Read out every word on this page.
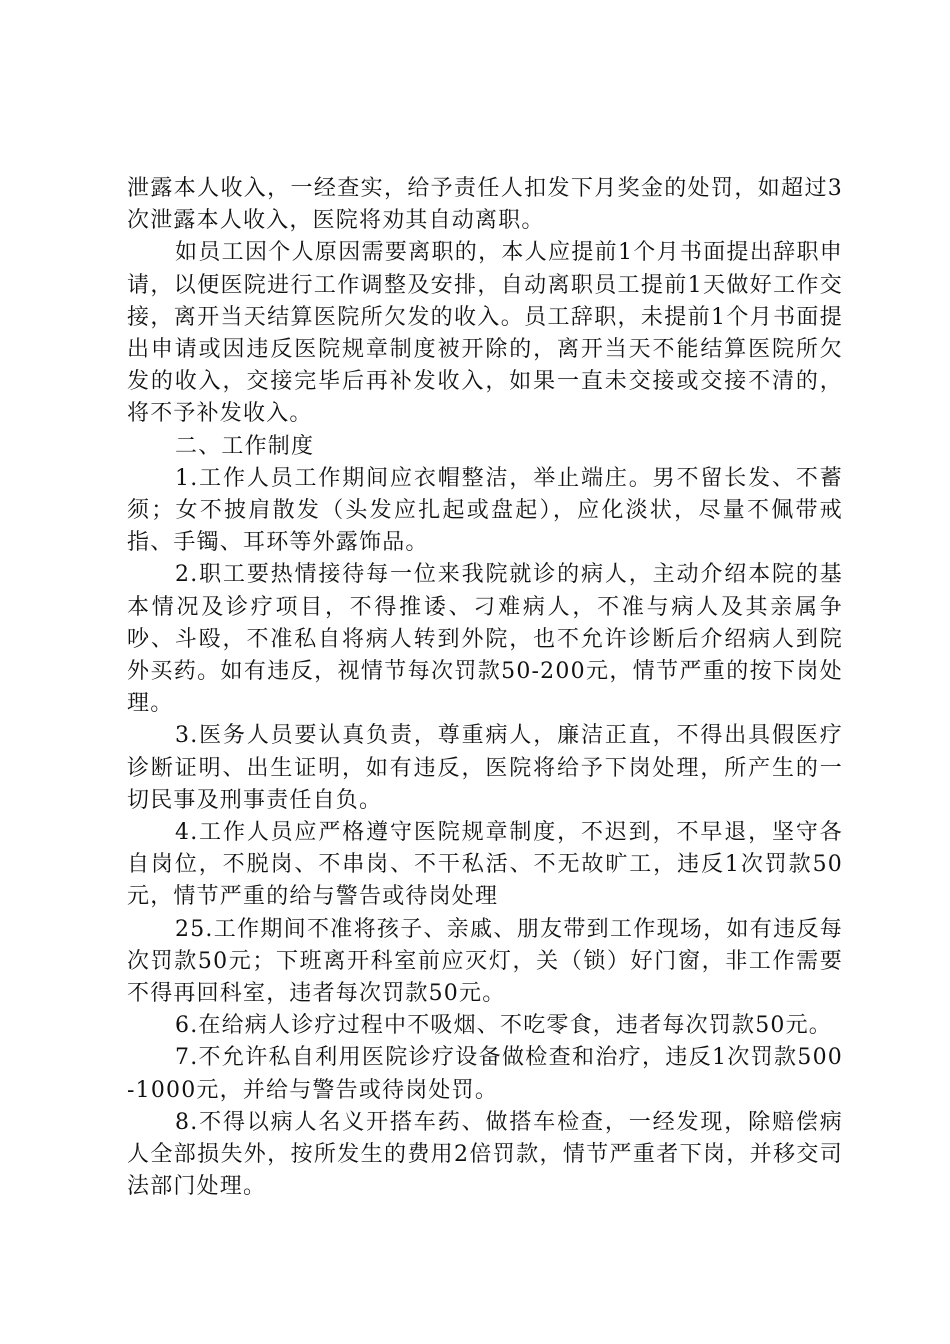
泄露本人收入，一经查实，给予责任人扣发下月奖金的处罚，如超过3次泄露本人收入，医院将劝其自动离职。

如员工因个人原因需要离职的，本人应提前1个月书面提出辞职申请，以便医院进行工作调整及安排，自动离职员工提前1天做好工作交接，离开当天结算医院所欠发的收入。员工辞职，未提前1个月书面提出申请或因违反医院规章制度被开除的，离开当天不能结算医院所欠发的收入，交接完毕后再补发收入，如果一直未交接或交接不清的，将不予补发收入。

二、工作制度

1.工作人员工作期间应衣帽整洁，举止端庄。男不留长发、不蓄须；女不披肩散发（头发应扎起或盘起），应化淡状，尽量不佩带戒指、手镯、耳环等外露饰品。

2.职工要热情接待每一位来我院就诊的病人，主动介绍本院的基本情况及诊疗项目，不得推诿、刁难病人，不准与病人及其亲属争吵、斗殴，不准私自将病人转到外院，也不允许诊断后介绍病人到院外买药。如有违反，视情节每次罚款50-200元，情节严重的按下岗处理。

3.医务人员要认真负责，尊重病人，廉洁正直，不得出具假医疗诊断证明、出生证明，如有违反，医院将给予下岗处理，所产生的一切民事及刑事责任自负。

4.工作人员应严格遵守医院规章制度，不迟到，不早退，坚守各自岗位，不脱岗、不串岗、不干私活、不无故旷工，违反1次罚款50元，情节严重的给与警告或待岗处理

25.工作期间不准将孩子、亲戚、朋友带到工作现场，如有违反每次罚款50元；下班离开科室前应灭灯，关（锁）好门窗，非工作需要不得再回科室，违者每次罚款50元。

6.在给病人诊疗过程中不吸烟、不吃零食，违者每次罚款50元。

7.不允许私自利用医院诊疗设备做检查和治疗，违反1次罚款500-1000元，并给与警告或待岗处罚。

8.不得以病人名义开搭车药、做搭车检查，一经发现，除赔偿病人全部损失外，按所发生的费用2倍罚款，情节严重者下岗，并移交司法部门处理。
